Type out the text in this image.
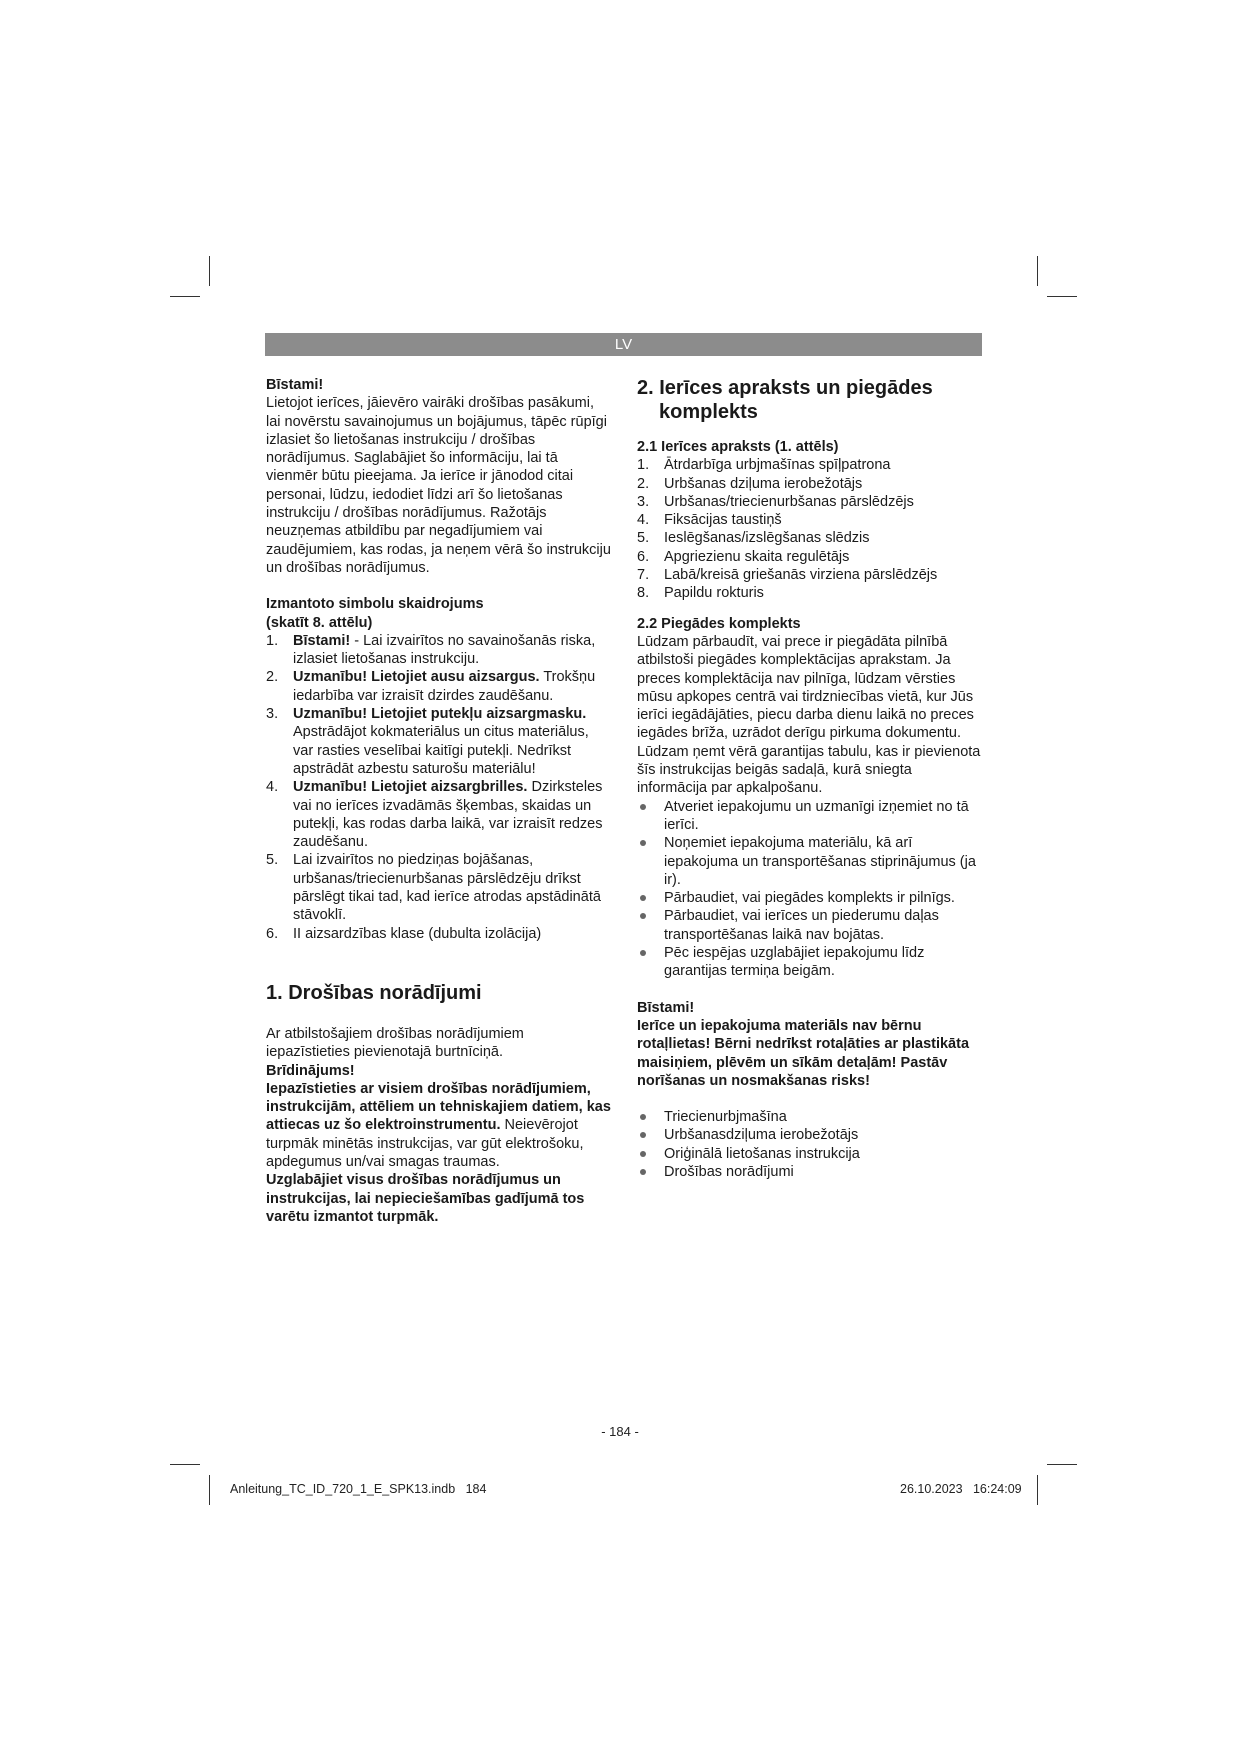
LV

Bīstami!

Lietojot ierīces, jāievēro vairāki drošības pasākumi, lai novērstu savainojumus un bojājumus, tāpēc rūpīgi izlasiet šo lietošanas instrukciju / drošības norādījumus. Saglabājiet šo informāciju, lai tā vienmēr būtu pieejama. Ja ierīce ir jānodod citai personai, lūdzu, iedodiet līdzi arī šo lietošanas instrukciju / drošības norādījumus. Ražotājs neuzņemas atbildību par negadījumiem vai zaudējumiem, kas rodas, ja neņem vērā šo instrukciju un drošības norādījumus.

Izmantoto simbolu skaidrojums

(skatīt 8. attēlu)

1. Bīstami! - Lai izvairītos no savainošanās riska, izlasiet lietošanas instrukciju.
2. Uzmanību! Lietojiet ausu aizsargus. Trokšņu iedarbība var izraisīt dzirdes zaudēšanu.
3. Uzmanību! Lietojiet putekļu aizsargmasku. Apstrādājot kokmateriālus un citus materiālus, var rasties veselībai kaitīgi putekļi. Nedrīkst apstrādāt azbestu saturošu materiālu!
4. Uzmanību! Lietojiet aizsargbrilles. Dzirksteles vai no ierīces izvadāmās šķembas, skaidas un putekļi, kas rodas darba laikā, var izraisīt redzes zaudēšanu.
5. Lai izvairītos no piedziņas bojāšanas, urbšanas/triecienurbšanas pārslēdzēju drīkst pārslēgt tikai tad, kad ierīce atrodas apstādinātā stāvoklī.
6. II aizsardzības klase (dubulta izolācija)

1. Drošības norādījumi

Ar atbilstošajiem drošības norādījumiem iepazīstieties pievienotajā burtnīciņā.

Brīdinājums!

Iepazīstieties ar visiem drošības norādījumiem, instrukcijām, attēliem un tehniskajiem datiem, kas attiecas uz šo elektroinstrumentu. Neievērojot turpmāk minētās instrukcijas, var gūt elektrošoku, apdegumus un/vai smagas traumas.

Uzglabājiet visus drošības norādījumus un instrukcijas, lai nepieciešamības gadījumā tos varētu izmantot turpmāk.

2. Ierīces apraksts un piegādes

komplekts

2.1 Ierīces apraksts (1. attēls)

1. Ātrdarbīga urbjmašīnas spīļpatrona
2. Urbšanas dziļuma ierobežotājs
3. Urbšanas/triecienurbšanas pārslēdzējs
4. Fiksācijas taustiņš
5. Ieslēgšanas/izslēgšanas slēdzis
6. Apgriezienu skaita regulētājs
7. Labā/kreisā griešanās virziena pārslēdzējs
8. Papildu rokturis

2.2 Piegādes komplekts

Lūdzam pārbaudīt, vai prece ir piegādāta pilnībā atbilstoši piegādes komplektācijas aprakstam. Ja preces komplektācija nav pilnīga, lūdzam vērsties mūsu apkopes centrā vai tirdzniecības vietā, kur Jūs ierīci iegādājāties, piecu darba dienu laikā no preces iegādes brīža, uzrādot derīgu pirkuma dokumentu. Lūdzam ņemt vērā garantijas tabulu, kas ir pievienota šīs instrukcijas beigās sadaļā, kurā sniegta informācija par apkalpošanu.

Atveriet iepakojumu un uzmanīgi izņemiet no tā ierīci.
Noņemiet iepakojuma materiālu, kā arī iepakojuma un transportēšanas stiprinājumus (ja ir).
Pārbaudiet, vai piegādes komplekts ir pilnīgs.
Pārbaudiet, vai ierīces un piederumu daļas transportēšanas laikā nav bojātas.
Pēc iespējas uzglabājiet iepakojumu līdz garantijas termiņa beigām.

Bīstami!

Ierīce un iepakojuma materiāls nav bērnu rotaļlietas! Bērni nedrīkst rotaļāties ar plastikāta maisiņiem, plēvēm un sīkām detaļām! Pastāv norīšanas un nosmakšanas risks!

Triecienurbjmašīna
Urbšanasdziļuma ierobežotājs
Oriģinālā lietošanas instrukcija
Drošības norādījumi
- 184 -
Anleitung_TC_ID_720_1_E_SPK13.indb   184	26.10.2023   16:24:09
